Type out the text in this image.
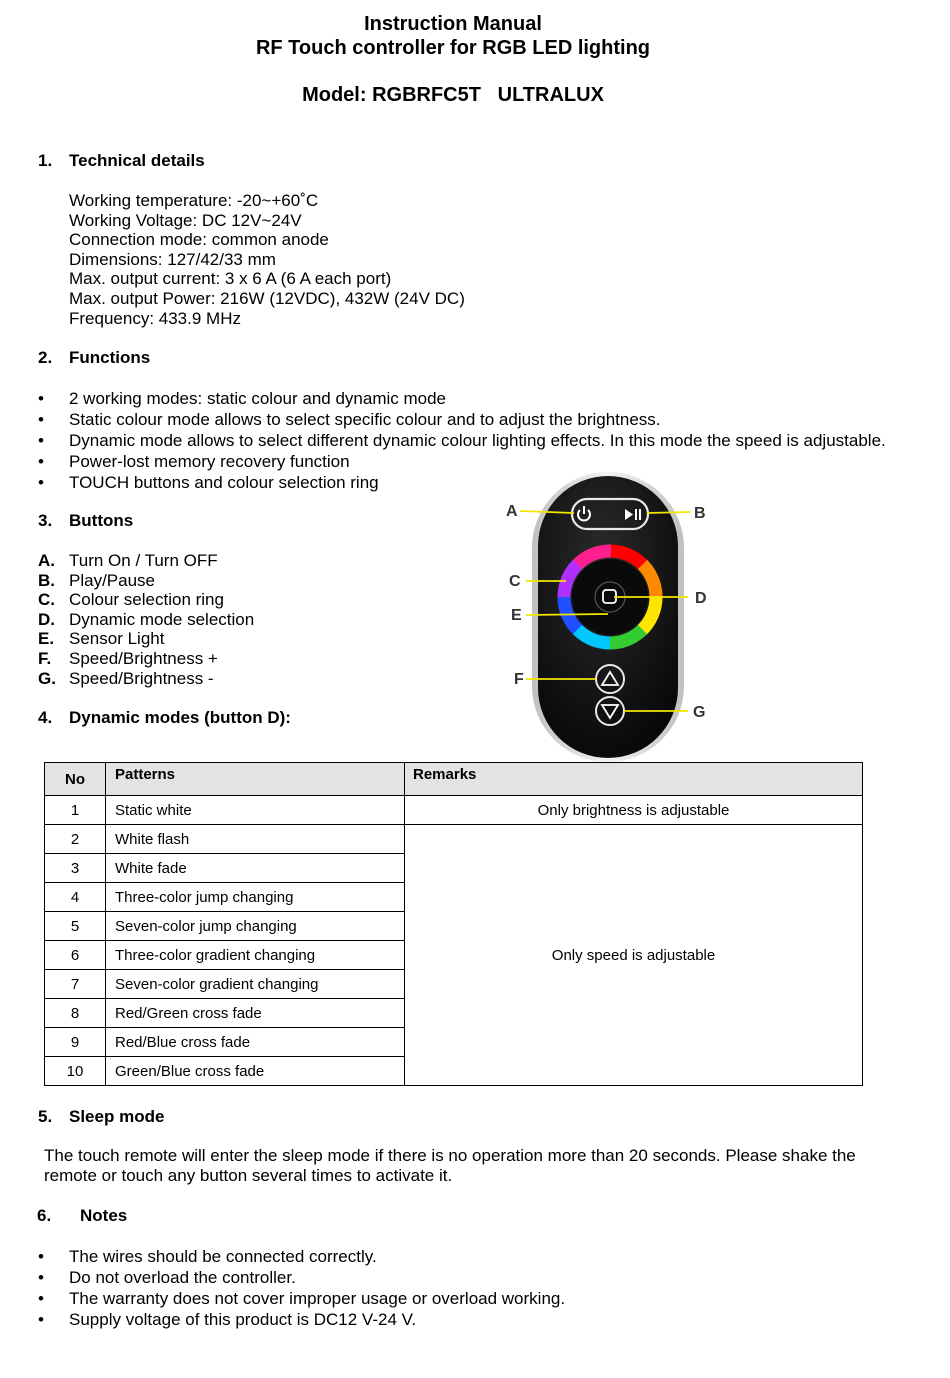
Instruction Manual
RF Touch controller for RGB LED lighting
Model: RGBRFC5T   ULTRALUX
1. Technical details
Working temperature: -20~+60˚C
Working Voltage: DC 12V~24V
Connection mode: common anode
Dimensions: 127/42/33 mm
Max. output current: 3 x 6 A (6 A each port)
Max. output Power: 216W (12VDC), 432W (24V DC)
Frequency: 433.9 MHz
2. Functions
• 2 working modes: static colour and dynamic mode
• Static colour mode allows to select specific colour and to adjust the brightness.
• Dynamic mode allows to select different dynamic colour lighting effects. In this mode the speed is adjustable.
• Power-lost memory recovery function
• TOUCH buttons and colour selection ring
3. Buttons
A. Turn On / Turn OFF
B. Play/Pause
C. Colour selection ring
D. Dynamic mode selection
E. Sensor Light
F. Speed/Brightness +
G. Speed/Brightness -
A	B
C
D
E
F
G
4. Dynamic modes (button D):
No	Patterns	Remarks
1	Static white	Only brightness is adjustable
2	White flash	Only speed is adjustable
3	White fade	
4	Three-color jump changing	
5	Seven-color jump changing	
6	Three-color gradient changing	
7	Seven-color gradient changing	
8	Red/Green cross fade	
9	Red/Blue cross fade	
10	Green/Blue cross fade	
5. Sleep mode
The touch remote will enter the sleep mode if there is no operation more than 20 seconds. Please shake the
remote or touch any button several times to activate it.
6. Notes
• The wires should be connected correctly.
• Do not overload the controller.
• The warranty does not cover improper usage or overload working.
• Supply voltage of this product is DC12 V-24 V.
